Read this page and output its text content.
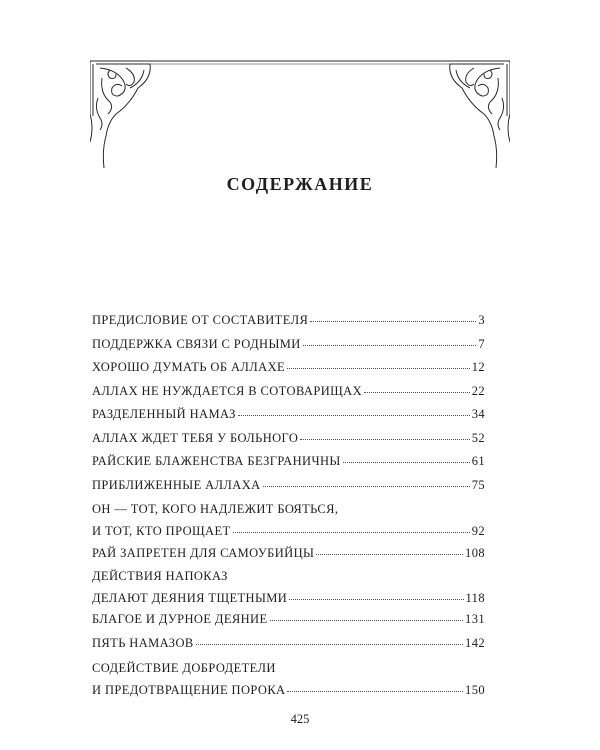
СОДЕРЖАНИЕ
ПРЕДИСЛОВИЕ ОТ СОСТАВИТЕЛЯ	3
ПОДДЕРЖКА СВЯЗИ С РОДНЫМИ	7
ХОРОШО ДУМАТЬ ОБ АЛЛАХЕ	12
АЛЛАХ НЕ НУЖДАЕТСЯ В СОТОВАРИЩАХ	22
РАЗДЕЛЕННЫЙ НАМАЗ	34
АЛЛАХ ЖДЕТ ТЕБЯ У БОЛЬНОГО	52
РАЙСКИЕ БЛАЖЕНСТВА БЕЗГРАНИЧНЫ	61
ПРИБЛИЖЕННЫЕ АЛЛАХА	75
ОН — ТОТ, КОГО НАДЛЕЖИТ БОЯТЬСЯ,
И ТОТ, КТО ПРОЩАЕТ	92
РАЙ ЗАПРЕТЕН ДЛЯ САМОУБИЙЦЫ	108
ДЕЙСТВИЯ НАПОКАЗ
ДЕЛАЮТ ДЕЯНИЯ ТЩЕТНЫМИ	118
БЛАГОЕ И ДУРНОЕ ДЕЯНИЕ	131
ПЯТЬ НАМАЗОВ	142
СОДЕЙСТВИЕ ДОБРОДЕТЕЛИ
И ПРЕДОТВРАЩЕНИЕ ПОРОКА	150
425
